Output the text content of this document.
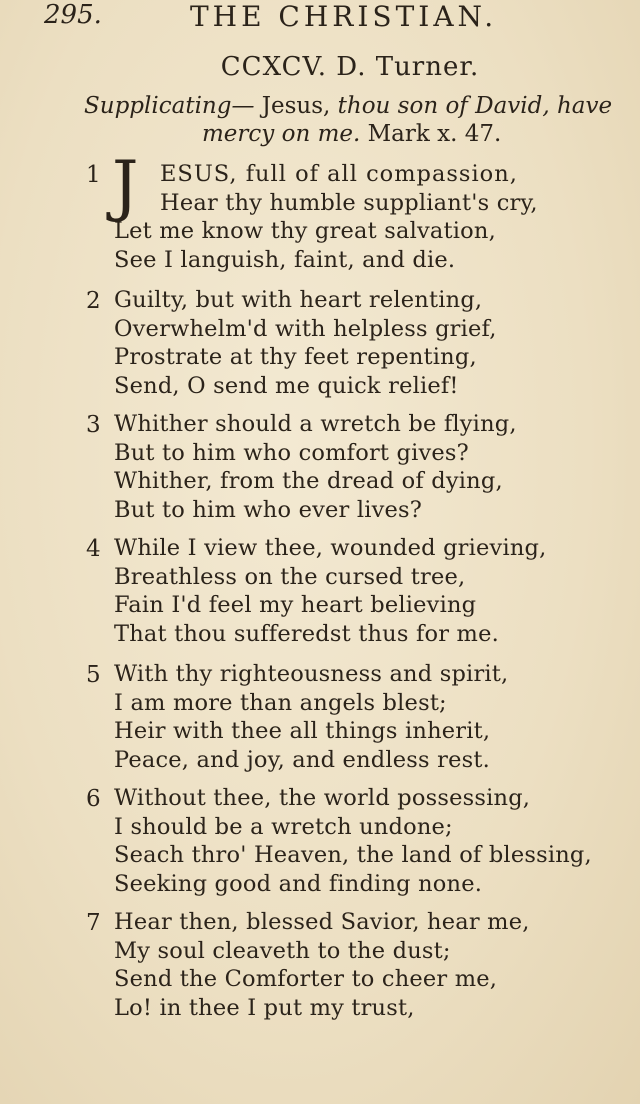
295.	THE CHRISTIAN.
CCXCV. D. Turner.
Supplicating— Jesus, thou son of David, have
mercy on me. Mark x. 47.
1 J ESUS, full of all compassion,
Hear thy humble suppliant's cry,
Let me know thy great salvation,
See I languish, faint, and die.
2 Guilty, but with heart relenting,
Overwhelm'd with helpless grief,
Prostrate at thy feet repenting,
Send, O send me quick relief!
3 Whither should a wretch be flying,
But to him who comfort gives?
Whither, from the dread of dying,
But to him who ever lives?
4 While I view thee, wounded grieving,
Breathless on the cursed tree,
Fain I'd feel my heart believing
That thou sufferedst thus for me.
5 With thy righteousness and spirit,
I am more than angels blest;
Heir with thee all things inherit,
Peace, and joy, and endless rest.
6 Without thee, the world possessing,
I should be a wretch undone;
Seach thro' Heaven, the land of blessing,
Seeking good and finding none.
7 Hear then, blessed Savior, hear me,
My soul cleaveth to the dust;
Send the Comforter to cheer me,
Lo! in thee I put my trust,
